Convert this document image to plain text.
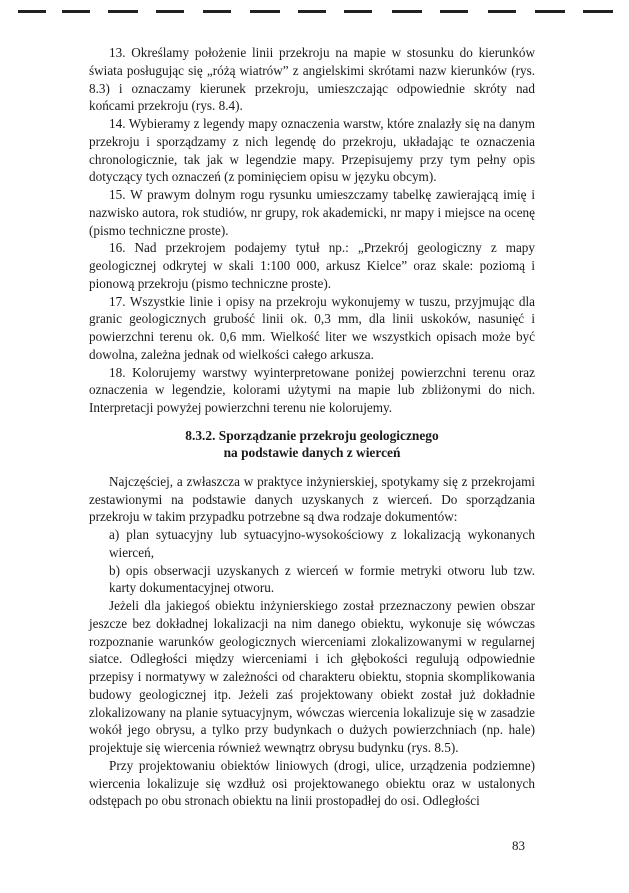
13. Określamy położenie linii przekroju na mapie w stosunku do kierunków świata posługując się „różą wiatrów” z angielskimi skrótami nazw kierunków (rys. 8.3) i oznaczamy kierunek przekroju, umieszczając odpowiednie skróty nad końcami przekroju (rys. 8.4).

14. Wybieramy z legendy mapy oznaczenia warstw, które znalazły się na danym przekroju i sporządzamy z nich legendę do przekroju, układając te oznaczenia chronologicznie, tak jak w legendzie mapy. Przepisujemy przy tym pełny opis dotyczący tych oznaczeń (z pominięciem opisu w języku obcym).

15. W prawym dolnym rogu rysunku umieszczamy tabelkę zawierającą imię i nazwisko autora, rok studiów, nr grupy, rok akademicki, nr mapy i miejsce na ocenę (pismo techniczne proste).

16. Nad przekrojem podajemy tytuł np.: „Przekrój geologiczny z mapy geologicznej odkrytej w skali 1:100 000, arkusz Kielce” oraz skale: poziomą i pionową przekroju (pismo techniczne proste).

17. Wszystkie linie i opisy na przekroju wykonujemy w tuszu, przyjmując dla granic geologicznych grubość linii ok. 0,3 mm, dla linii uskoków, nasunięć i powierzchni terenu ok. 0,6 mm. Wielkość liter we wszystkich opisach może być dowolna, zależna jednak od wielkości całego arkusza.

18. Kolorujemy warstwy wyinterpretowane poniżej powierzchni terenu oraz oznaczenia w legendzie, kolorami użytymi na mapie lub zbliżonymi do nich. Interpretacji powyżej powierzchni terenu nie kolorujemy.

8.3.2. Sporządzanie przekroju geologicznego
na podstawie danych z wierceń

Najczęściej, a zwłaszcza w praktyce inżynierskiej, spotykamy się z przekrojami zestawionymi na podstawie danych uzyskanych z wierceń. Do sporządzania przekroju w takim przypadku potrzebne są dwa rodzaje dokumentów:

a) plan sytuacyjny lub sytuacyjno-wysokościowy z lokalizacją wykonanych wierceń,

b) opis obserwacji uzyskanych z wierceń w formie metryki otworu lub tzw. karty dokumentacyjnej otworu.

Jeżeli dla jakiegoś obiektu inżynierskiego został przeznaczony pewien obszar jeszcze bez dokładnej lokalizacji na nim danego obiektu, wykonuje się wówczas rozpoznanie warunków geologicznych wierceniami zlokalizowanymi w regularnej siatce. Odległości między wierceniami i ich głębokości regulują odpowiednie przepisy i normatywy w zależności od charakteru obiektu, stopnia skomplikowania budowy geologicznej itp. Jeżeli zaś projektowany obiekt został już dokładnie zlokalizowany na planie sytuacyjnym, wówczas wiercenia lokalizuje się w zasadzie wokół jego obrysu, a tylko przy budynkach o dużych powierzchniach (np. hale) projektuje się wiercenia również wewnątrz obrysu budynku (rys. 8.5).

Przy projektowaniu obiektów liniowych (drogi, ulice, urządzenia podziemne) wiercenia lokalizuje się wzdłuż osi projektowanego obiektu oraz w ustalonych odstępach po obu stronach obiektu na linii prostopadłej do osi. Odległości

83
